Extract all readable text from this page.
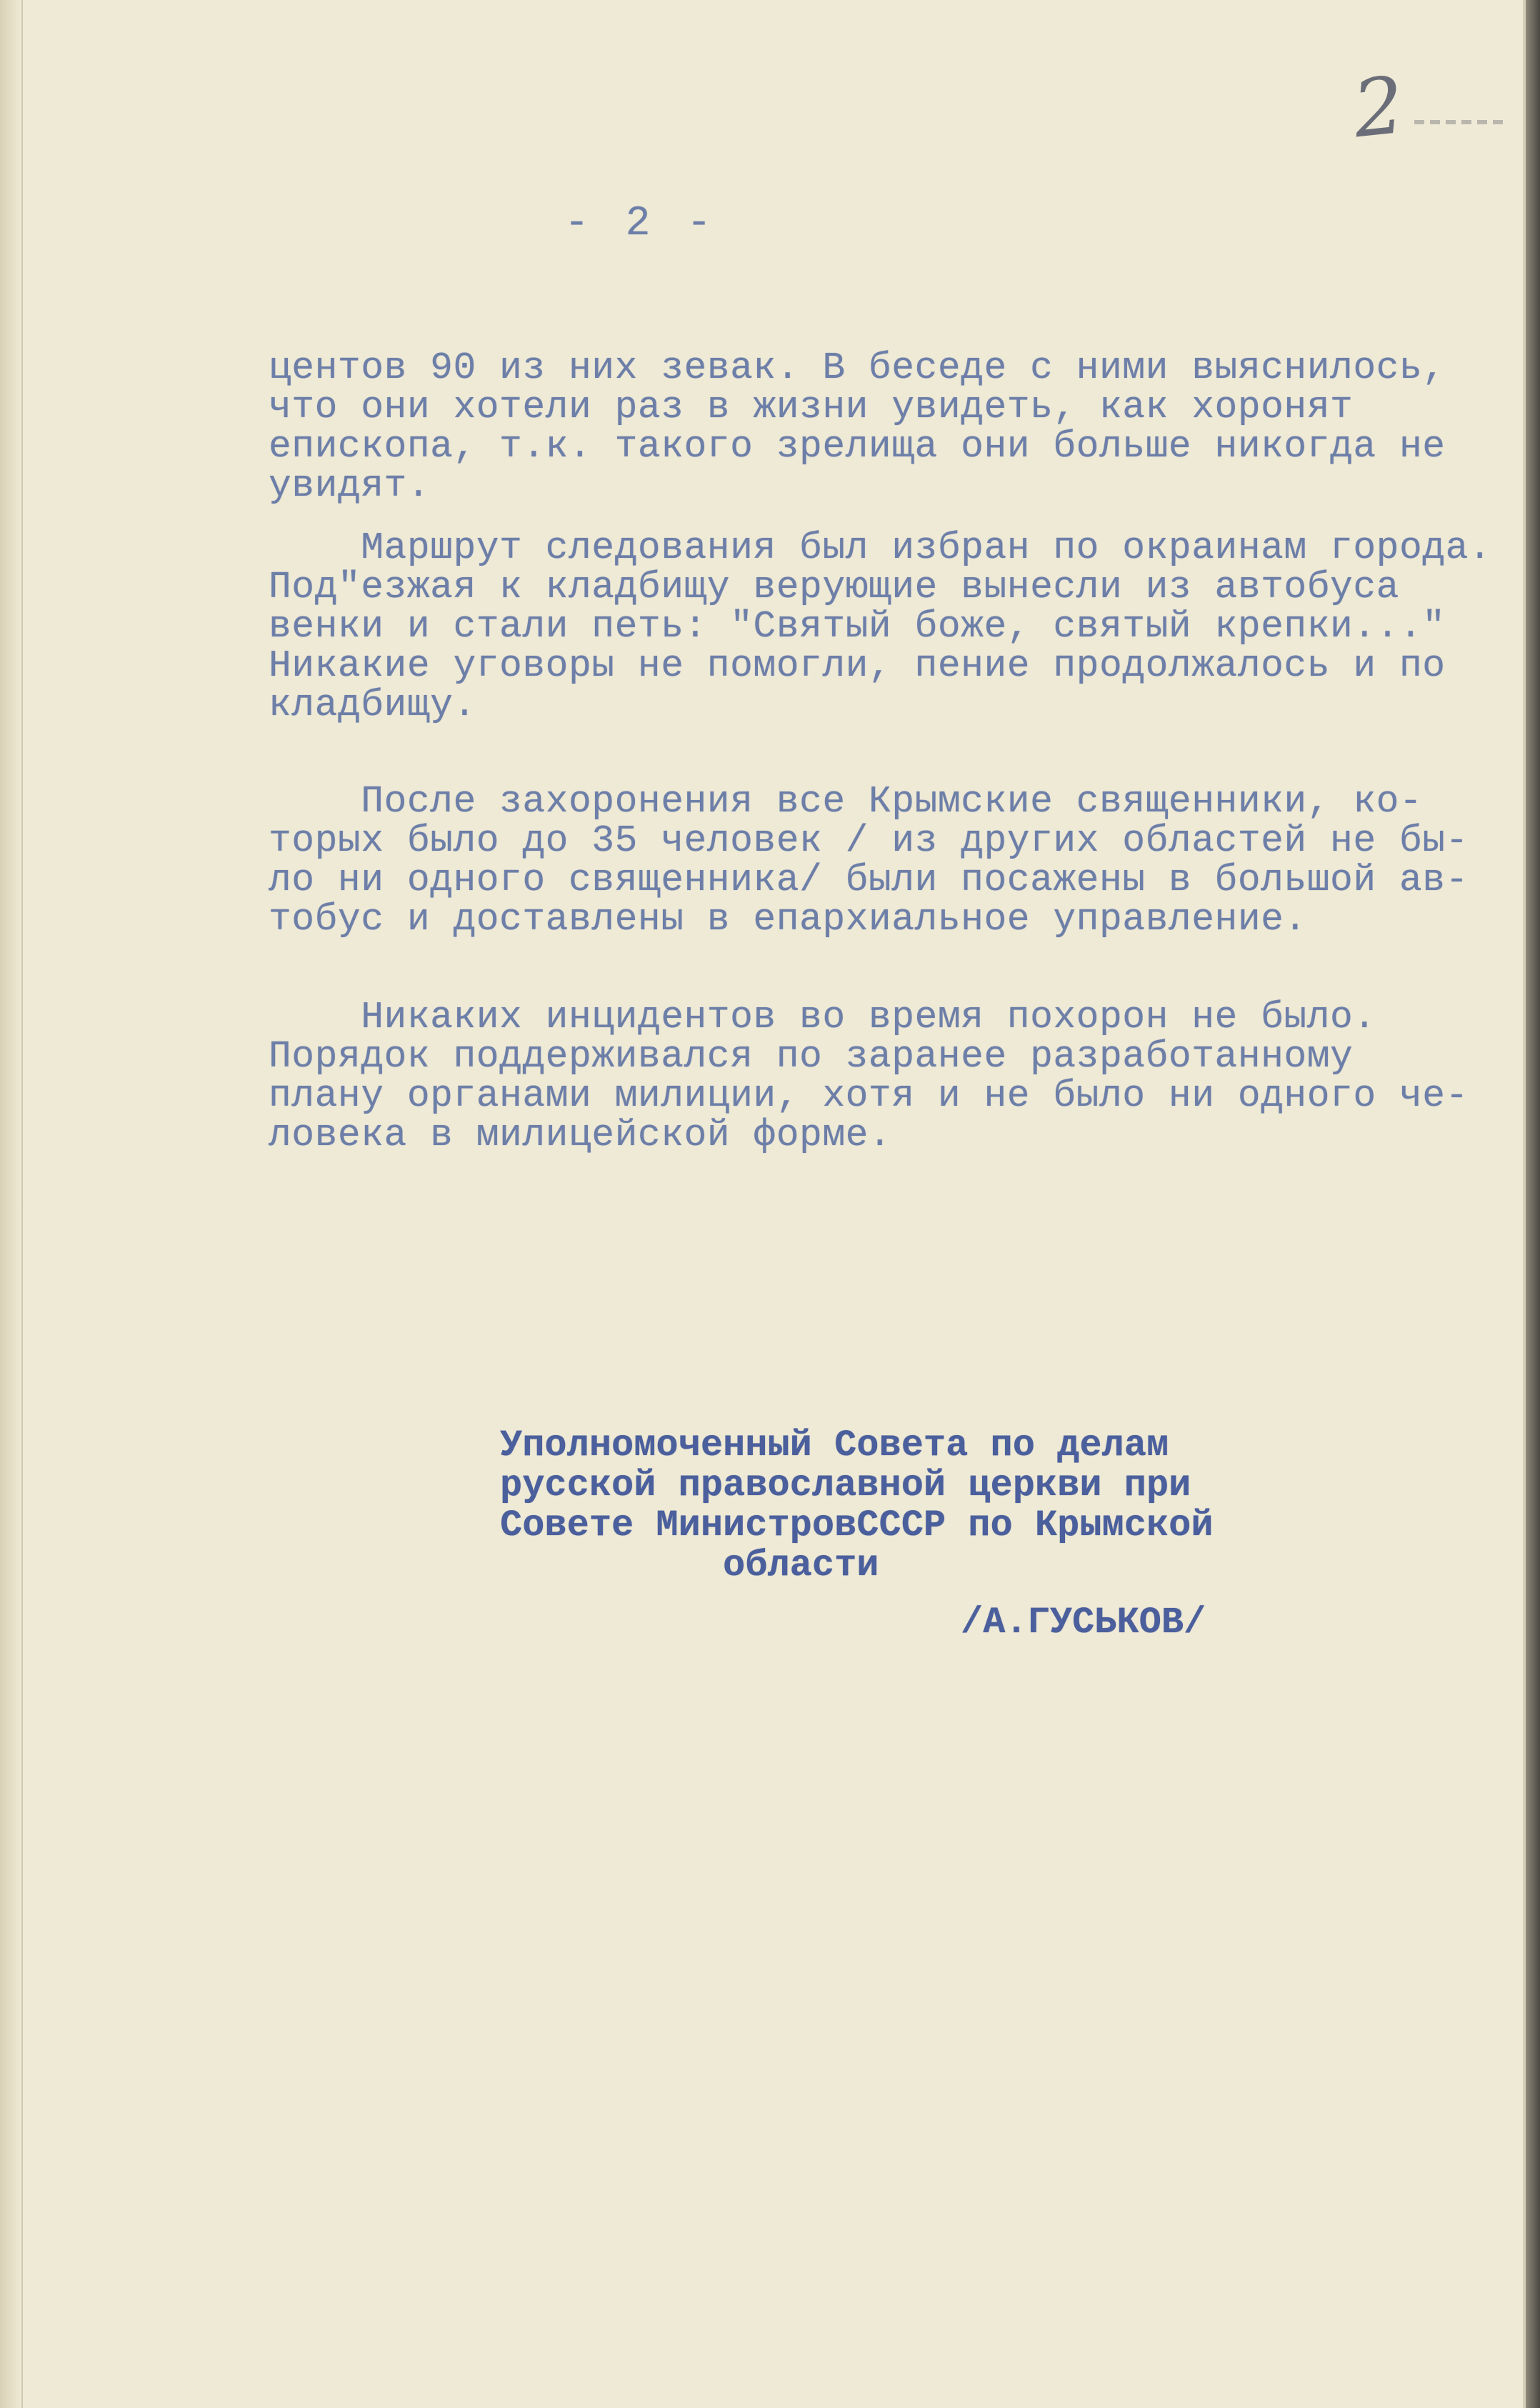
2
- 2 -
центов 90 из них зевак. В беседе с ними выяснилось,
что они хотели раз в жизни увидеть, как хоронят
епископа, т.к. такого зрелища они больше никогда не
увидят.
Маршрут следования был избран по окраинам города.
Под"езжая к кладбищу верующие вынесли из автобуса
венки и стали петь: "Святый боже, святый крепки..."
Никакие уговоры не помогли, пение продолжалось и по
кладбищу.
После захоронения все Крымские священники, ко-
торых было до 35 человек / из других областей не бы-
ло ни одного священника/ были посажены в большой ав-
тобус и доставлены в епархиальное управление.
Никаких инцидентов во время похорон не было.
Порядок поддерживался по заранее разработанному
плану органами милиции, хотя и не было ни одного че-
ловека в милицейской форме.
Уполномоченный Совета по делам
русской православной церкви при
Совете МинистровСССР по Крымской
области
/А.ГУСЬКОВ/
